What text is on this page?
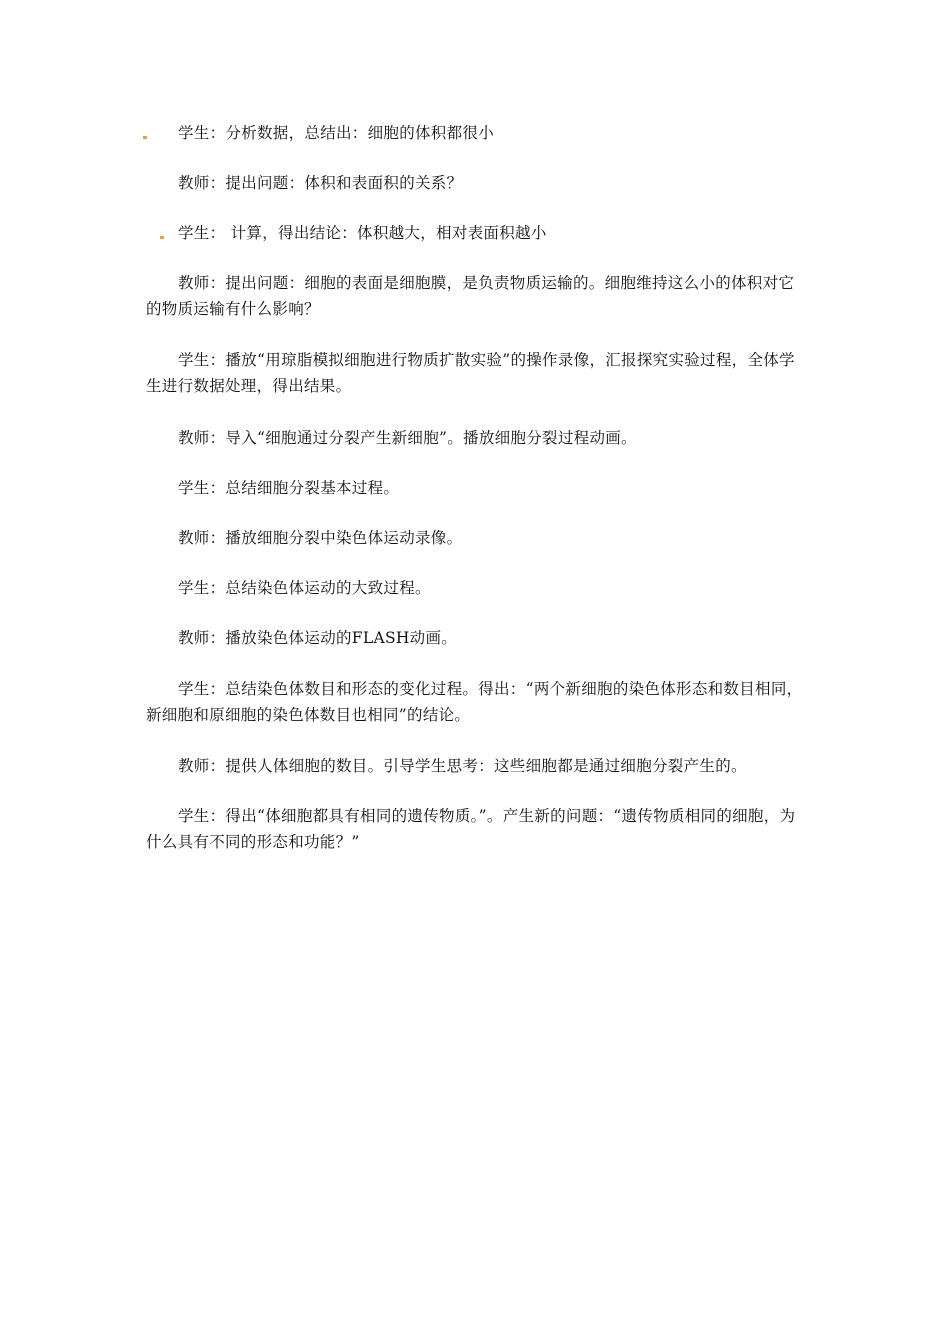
学生：分析数据，总结出：细胞的体积都很小

教师：提出问题：体积和表面积的关系？

学生： 计算，得出结论：体积越大，相对表面积越小

教师：提出问题：细胞的表面是细胞膜，是负责物质运输的。细胞维持这么小的体积对它的物质运输有什么影响？

学生：播放“用琼脂模拟细胞进行物质扩散实验”的操作录像，汇报探究实验过程，全体学生进行数据处理，得出结果。

教师：导入“细胞通过分裂产生新细胞”。播放细胞分裂过程动画。

学生：总结细胞分裂基本过程。

教师：播放细胞分裂中染色体运动录像。

学生：总结染色体运动的大致过程。

教师：播放染色体运动的FLASH动画。

学生：总结染色体数目和形态的变化过程。得出：“两个新细胞的染色体形态和数目相同，新细胞和原细胞的染色体数目也相同”的结论。

教师：提供人体细胞的数目。引导学生思考：这些细胞都是通过细胞分裂产生的。

学生：得出“体细胞都具有相同的遗传物质。”。产生新的问题：“遗传物质相同的细胞，为什么具有不同的形态和功能？”
